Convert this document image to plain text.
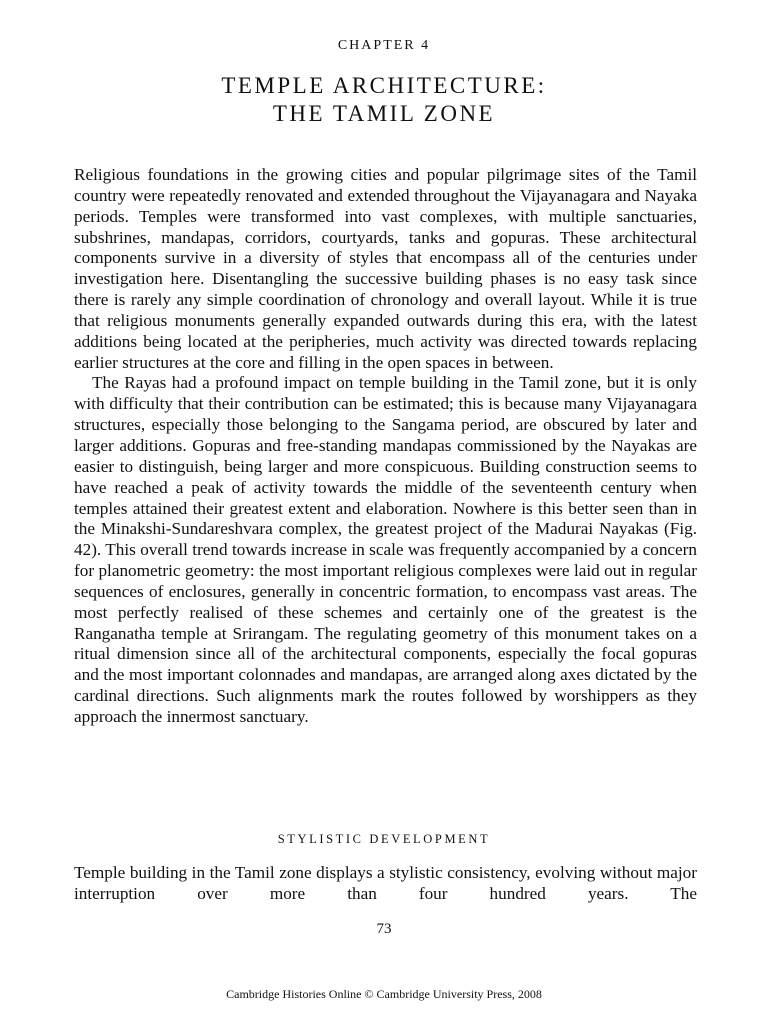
CHAPTER 4
TEMPLE ARCHITECTURE:
THE TAMIL ZONE

Religious foundations in the growing cities and popular pilgrimage sites of the Tamil country were repeatedly renovated and extended throughout the Vijayanagara and Nayaka periods. Temples were transformed into vast complexes, with multiple sanctuaries, subshrines, mandapas, corridors, courtyards, tanks and gopuras. These architectural components survive in a diversity of styles that encompass all of the centuries under investigation here. Disentangling the successive building phases is no easy task since there is rarely any simple coordination of chronology and overall layout. While it is true that religious monuments generally expanded outwards during this era, with the latest additions being located at the peripheries, much activity was directed towards replacing earlier structures at the core and filling in the open spaces in between.

The Rayas had a profound impact on temple building in the Tamil zone, but it is only with difficulty that their contribution can be estimated; this is because many Vijayanagara structures, especially those belonging to the Sangama period, are obscured by later and larger additions. Gopuras and free-standing mandapas commissioned by the Nayakas are easier to distinguish, being larger and more conspicuous. Building construction seems to have reached a peak of activity towards the middle of the seventeenth century when temples attained their greatest extent and elaboration. Nowhere is this better seen than in the Minakshi-Sundareshvara complex, the greatest project of the Madurai Nayakas (Fig. 42). This overall trend towards increase in scale was frequently accompanied by a concern for planometric geometry: the most important religious complexes were laid out in regular sequences of enclosures, generally in concentric formation, to encompass vast areas. The most perfectly realised of these schemes and certainly one of the greatest is the Ranganatha temple at Srirangam. The regulating geometry of this monument takes on a ritual dimension since all of the architectural components, especially the focal gopuras and the most important colonnades and mandapas, are arranged along axes dictated by the cardinal directions. Such alignments mark the routes followed by worshippers as they approach the innermost sanctuary.

STYLISTIC DEVELOPMENT

Temple building in the Tamil zone displays a stylistic consistency, evolving without major interruption over more than four hundred years. The

73
Cambridge Histories Online © Cambridge University Press, 2008
